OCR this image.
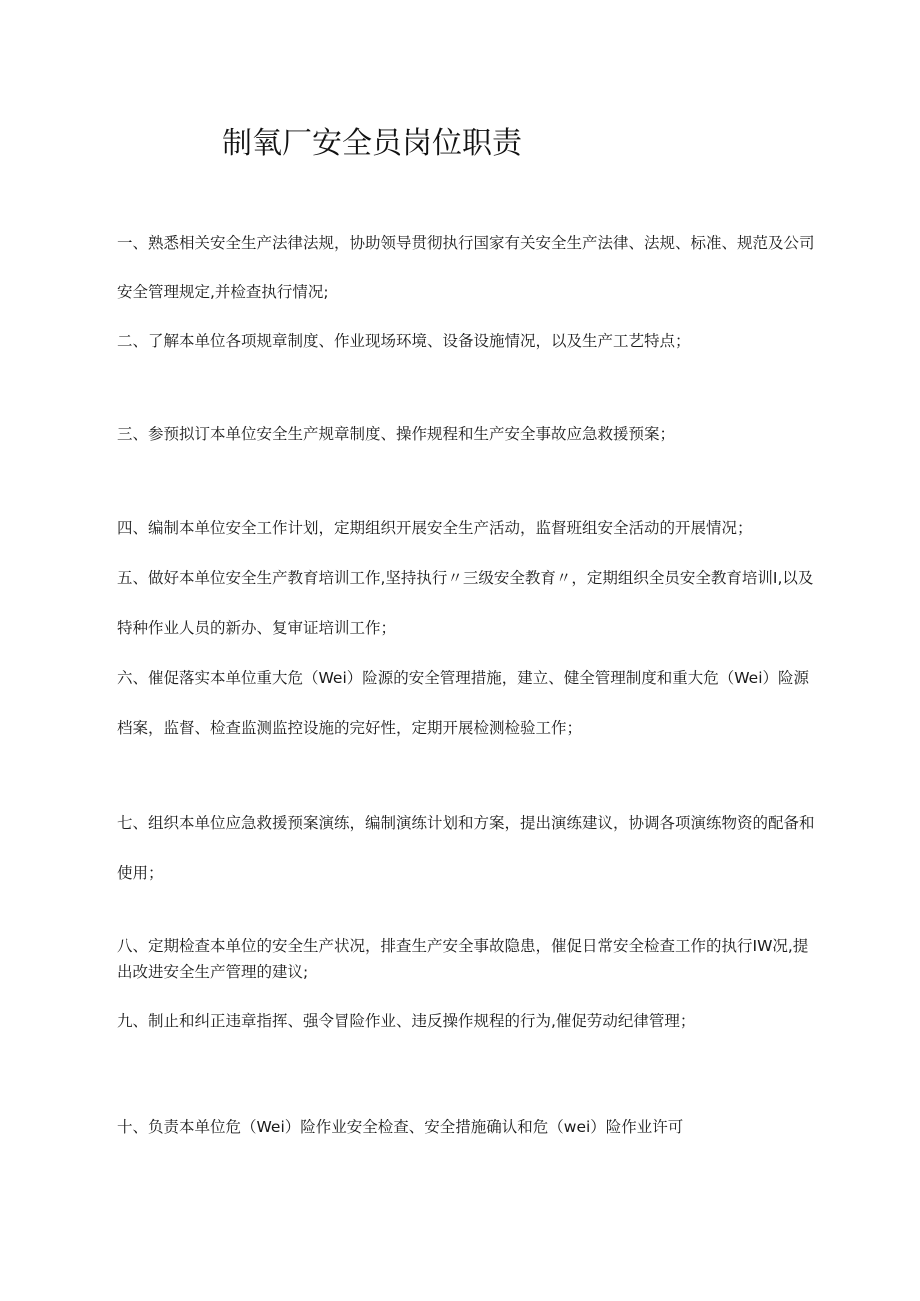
制氧厂安全员岗位职责
一、熟悉相关安全生产法律法规，协助领导贯彻执行国家有关安全生产法律、法规、标准、规范及公司
安全管理规定,并检查执行情况;
二、了解本单位各项规章制度、作业现场环境、设备设施情况，以及生产工艺特点；
三、参预拟订本单位安全生产规章制度、操作规程和生产安全事故应急救援预案；
四、编制本单位安全工作计划，定期组织开展安全生产活动，监督班组安全活动的开展情况；
五、做好本单位安全生产教育培训工作,坚持执行〃三级安全教育〃，定期组织全员安全教育培训Ⅰ,以及
特种作业人员的新办、复审证培训工作；
六、催促落实本单位重大危（Wei）险源的安全管理措施，建立、健全管理制度和重大危（Wei）险源
档案，监督、检查监测监控设施的完好性，定期开展检测检验工作；
七、组织本单位应急救援预案演练，编制演练计划和方案，提出演练建议，协调各项演练物资的配备和
使用；
八、定期检查本单位的安全生产状况，排查生产安全事故隐患，催促日常安全检查工作的执行IW况,提
出改进安全生产管理的建议;
九、制止和纠正违章指挥、强令冒险作业、违反操作规程的行为,催促劳动纪律管理；
十、负责本单位危（Wei）险作业安全检查、安全措施确认和危（wei）险作业许可
